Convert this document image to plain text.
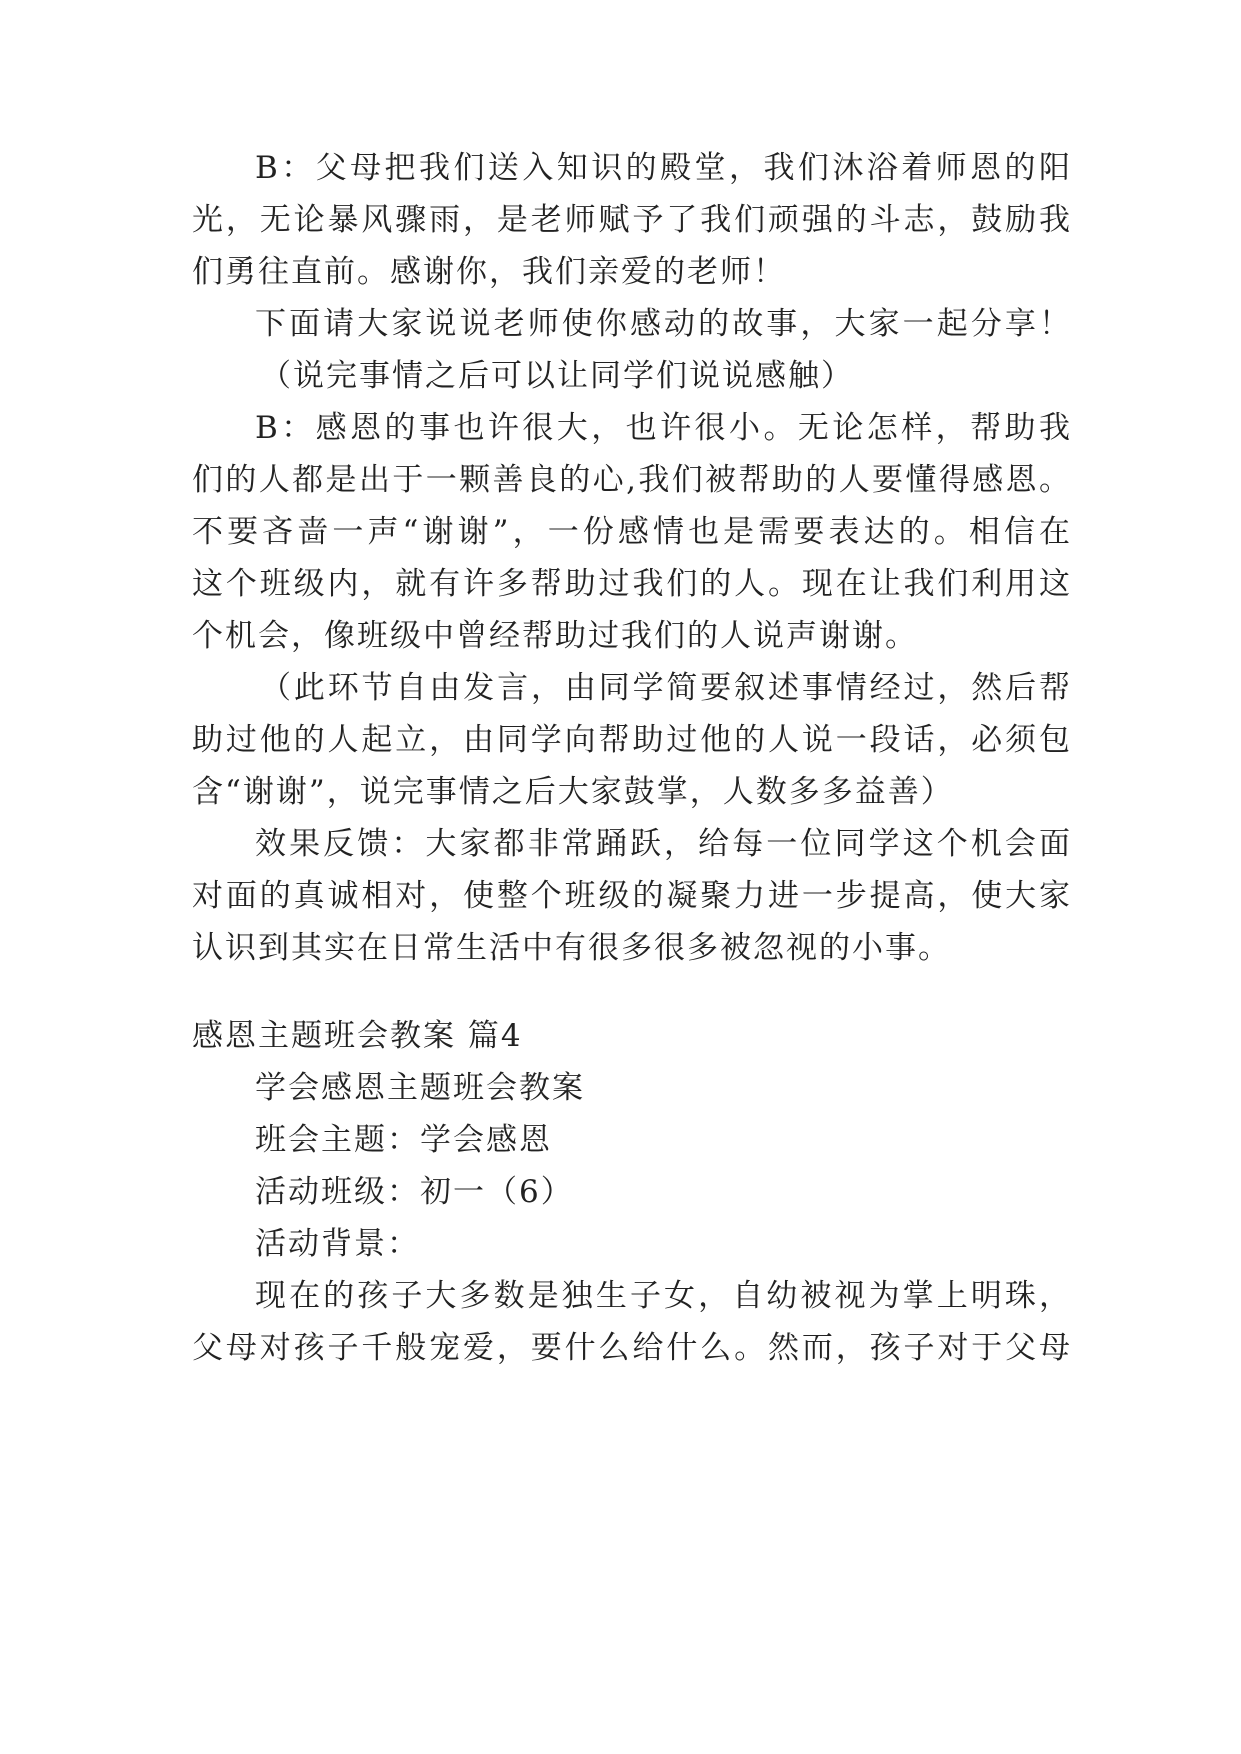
B：父母把我们送入知识的殿堂，我们沐浴着师恩的阳
光，无论暴风骤雨，是老师赋予了我们顽强的斗志，鼓励我
们勇往直前。感谢你，我们亲爱的老师！
下面请大家说说老师使你感动的故事，大家一起分享！
（说完事情之后可以让同学们说说感触）
B：感恩的事也许很大，也许很小。无论怎样，帮助我
们的人都是出于一颗善良的心,我们被帮助的人要懂得感恩。
不要吝啬一声“谢谢”，一份感情也是需要表达的。相信在
这个班级内，就有许多帮助过我们的人。现在让我们利用这
个机会，像班级中曾经帮助过我们的人说声谢谢。
（此环节自由发言，由同学简要叙述事情经过，然后帮
助过他的人起立，由同学向帮助过他的人说一段话，必须包
含“谢谢”，说完事情之后大家鼓掌，人数多多益善）
效果反馈：大家都非常踊跃，给每一位同学这个机会面
对面的真诚相对，使整个班级的凝聚力进一步提高，使大家
认识到其实在日常生活中有很多很多被忽视的小事。
感恩主题班会教案 篇4
学会感恩主题班会教案
班会主题：学会感恩
活动班级：初一（6）
活动背景：
现在的孩子大多数是独生子女，自幼被视为掌上明珠，
父母对孩子千般宠爱，要什么给什么。然而，孩子对于父母
